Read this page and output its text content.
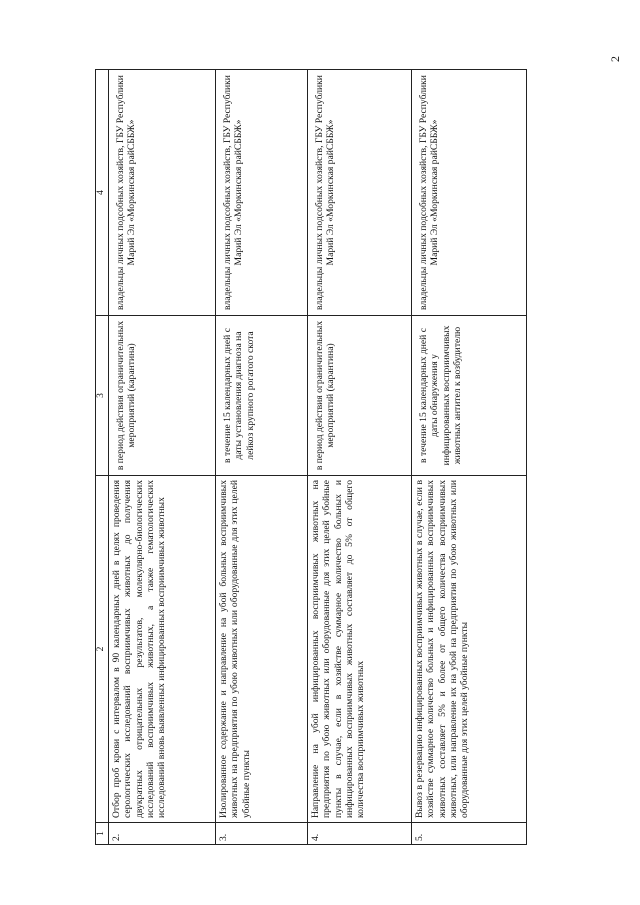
2
1	2	3	4
2.	Отбор проб крови с интервалом в 90 календарных дней в целях проведения серологических исследований восприимчивых животных до получения двукратных отрицательных результатов, молекулярно-биологических исследований восприимчивых животных, а также гематологических исследований вновь выявленных инфицированных восприимчивых животных	в период действия ограничительных мероприятий (карантина)	владельцы личных подсобных хозяйств, ГБУ Республики Марий Эл «Моркинская райСББЖ»
3.	Изолированное содержание и направление на убой больных восприимчивых животных на предприятия по убою животных или оборудованные для этих целей убойные пункты	в течение 15 календарных дней с даты установления диагноза на лейкоз крупного рогатого скота	владельцы личных подсобных хозяйств, ГБУ Республики Марий Эл «Моркинская райСББЖ»
4.	Направление на убой инфицированных восприимчивых животных на предприятия по убою животных или оборудованные для этих целей убойные пункты в случае, если в хозяйстве суммарное количество больных и инфицированных восприимчивых животных составляет до 5% от общего количества восприимчивых животных	в период действия ограничительных мероприятий (карантина)	владельцы личных подсобных хозяйств, ГБУ Республики Марий Эл «Моркинская райСББЖ»
5.	Вывоз в резервацию инфицированных восприимчивых животных в случае, если в хозяйстве суммарное количество больных и инфицированных восприимчивых животных составляет 5% и более от общего количества восприимчивых животных, или направление их на убой на предприятия по убою животных или оборудованные для этих целей убойные пункты	в течение 15 календарных дней с даты обнаружения у инфицированных восприимчивых животных антител к возбудителю	владельцы личных подсобных хозяйств, ГБУ Республики Марий Эл «Моркинская райСББЖ»
